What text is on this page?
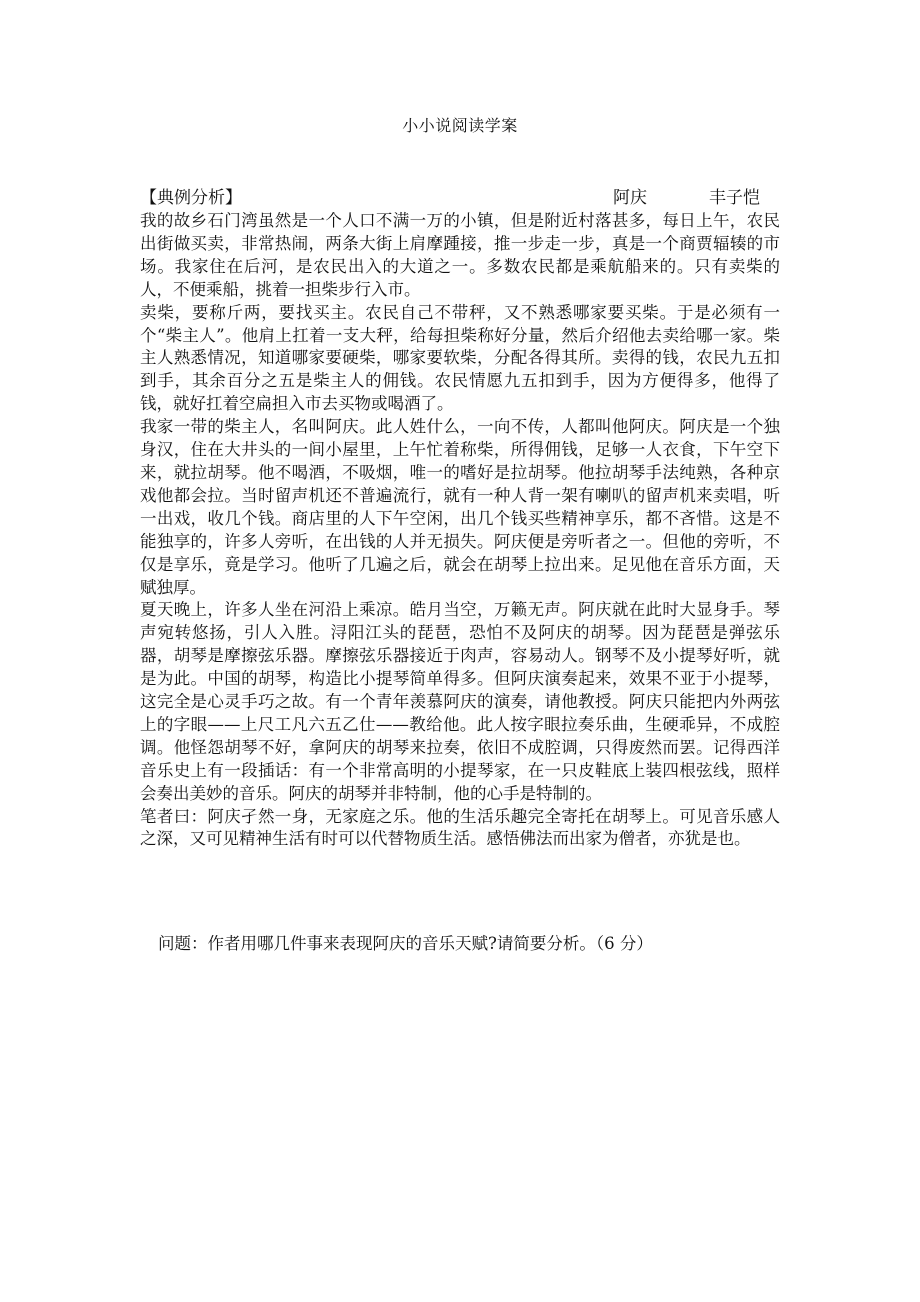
小小说阅读学案
【典例分析】	阿庆	丰子恺

我的故乡石门湾虽然是一个人口不满一万的小镇，但是附近村落甚多，每日上午，农民出街做买卖，非常热闹，两条大街上肩摩踵接，推一步走一步，真是一个商贾辐辏的市场。我家住在后河，是农民出入的大道之一。多数农民都是乘航船来的。只有卖柴的人，不便乘船，挑着一担柴步行入市。

卖柴，要称斤两，要找买主。农民自己不带秤，又不熟悉哪家要买柴。于是必须有一个“柴主人”。他肩上扛着一支大秤，给每担柴称好分量，然后介绍他去卖给哪一家。柴主人熟悉情况，知道哪家要硬柴，哪家要软柴，分配各得其所。卖得的钱，农民九五扣到手，其余百分之五是柴主人的佣钱。农民情愿九五扣到手，因为方便得多，他得了钱，就好扛着空扁担入市去买物或喝酒了。

我家一带的柴主人，名叫阿庆。此人姓什么，一向不传，人都叫他阿庆。阿庆是一个独身汉，住在大井头的一间小屋里，上午忙着称柴，所得佣钱，足够一人衣食，下午空下来，就拉胡琴。他不喝酒，不吸烟，唯一的嗜好是拉胡琴。他拉胡琴手法纯熟，各种京戏他都会拉。当时留声机还不普遍流行，就有一种人背一架有喇叭的留声机来卖唱，听一出戏，收几个钱。商店里的人下午空闲，出几个钱买些精神享乐，都不吝惜。这是不能独享的，许多人旁听，在出钱的人并无损失。阿庆便是旁听者之一。但他的旁听，不仅是享乐，竟是学习。他听了几遍之后，就会在胡琴上拉出来。足见他在音乐方面，天赋独厚。

夏天晚上，许多人坐在河沿上乘凉。皓月当空，万籁无声。阿庆就在此时大显身手。琴声宛转悠扬，引人入胜。浔阳江头的琵琶，恐怕不及阿庆的胡琴。因为琵琶是弹弦乐器，胡琴是摩擦弦乐器。摩擦弦乐器接近于肉声，容易动人。钢琴不及小提琴好听，就是为此。中国的胡琴，构造比小提琴简单得多。但阿庆演奏起来，效果不亚于小提琴，这完全是心灵手巧之故。有一个青年羡慕阿庆的演奏，请他教授。阿庆只能把内外两弦上的字眼——上尺工凡六五乙仕——教给他。此人按字眼拉奏乐曲，生硬乖异，不成腔调。他怪怨胡琴不好，拿阿庆的胡琴来拉奏，依旧不成腔调，只得废然而罢。记得西洋音乐史上有一段插话：有一个非常高明的小提琴家，在一只皮鞋底上装四根弦线，照样会奏出美妙的音乐。阿庆的胡琴并非特制，他的心手是特制的。

笔者曰：阿庆孑然一身，无家庭之乐。他的生活乐趣完全寄托在胡琴上。可见音乐感人之深，又可见精神生活有时可以代替物质生活。感悟佛法而出家为僧者，亦犹是也。

问题：作者用哪几件事来表现阿庆的音乐天赋?请简要分析。（6 分）
